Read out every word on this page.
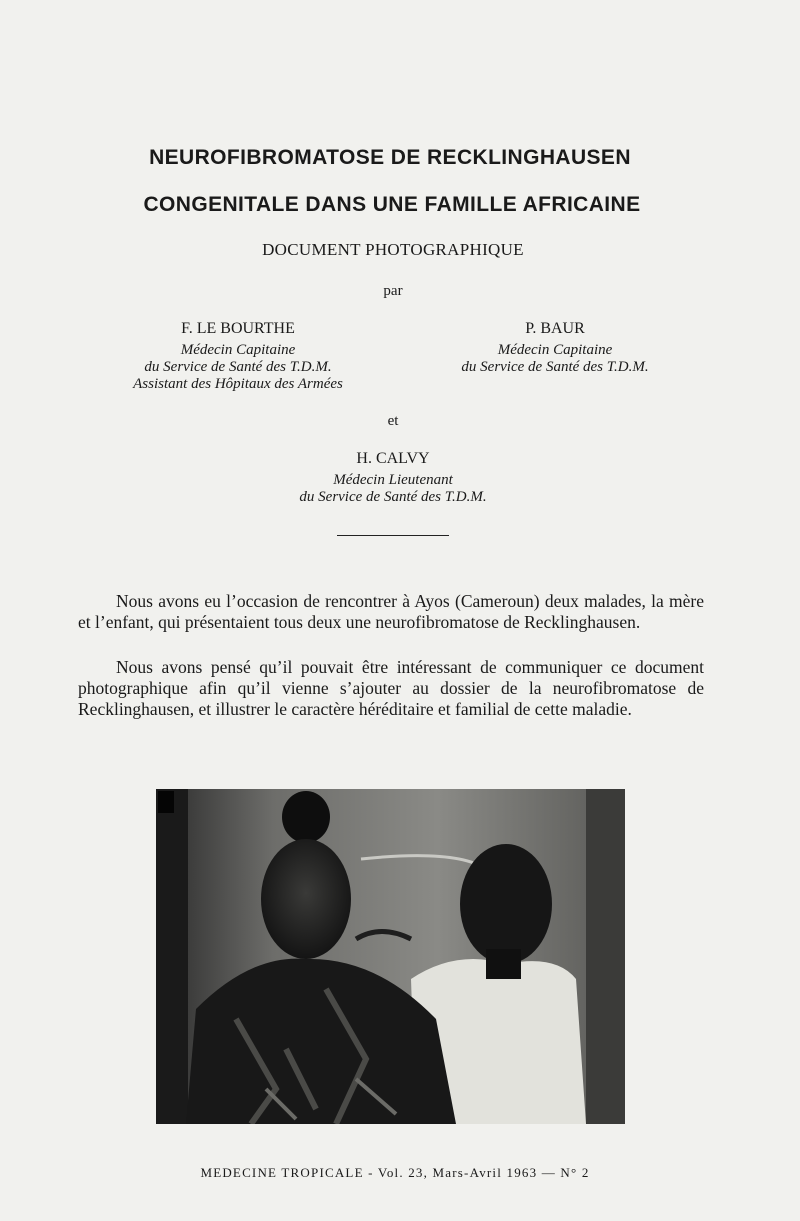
NEUROFIBROMATOSE DE RECKLINGHAUSEN
CONGENITALE DANS UNE FAMILLE AFRICAINE
DOCUMENT PHOTOGRAPHIQUE
par
F. LE BOURTHE
Médecin Capitaine
du Service de Santé des T.D.M.
Assistant des Hôpitaux des Armées
P. BAUR
Médecin Capitaine
du Service de Santé des T.D.M.
et
H. CALVY
Médecin Lieutenant
du Service de Santé des T.D.M.

Nous avons eu l’occasion de rencontrer à Ayos (Cameroun) deux malades, la mère et l’enfant, qui présentaient tous deux une neurofibromatose de Recklinghausen.

Nous avons pensé qu’il pouvait être intéressant de communiquer ce document photographique afin qu’il vienne s’ajouter au dossier de la neurofibromatose de Recklinghausen, et illustrer le caractère héréditaire et familial de cette maladie.

MEDECINE TROPICALE - Vol. 23, Mars-Avril 1963 — N° 2
